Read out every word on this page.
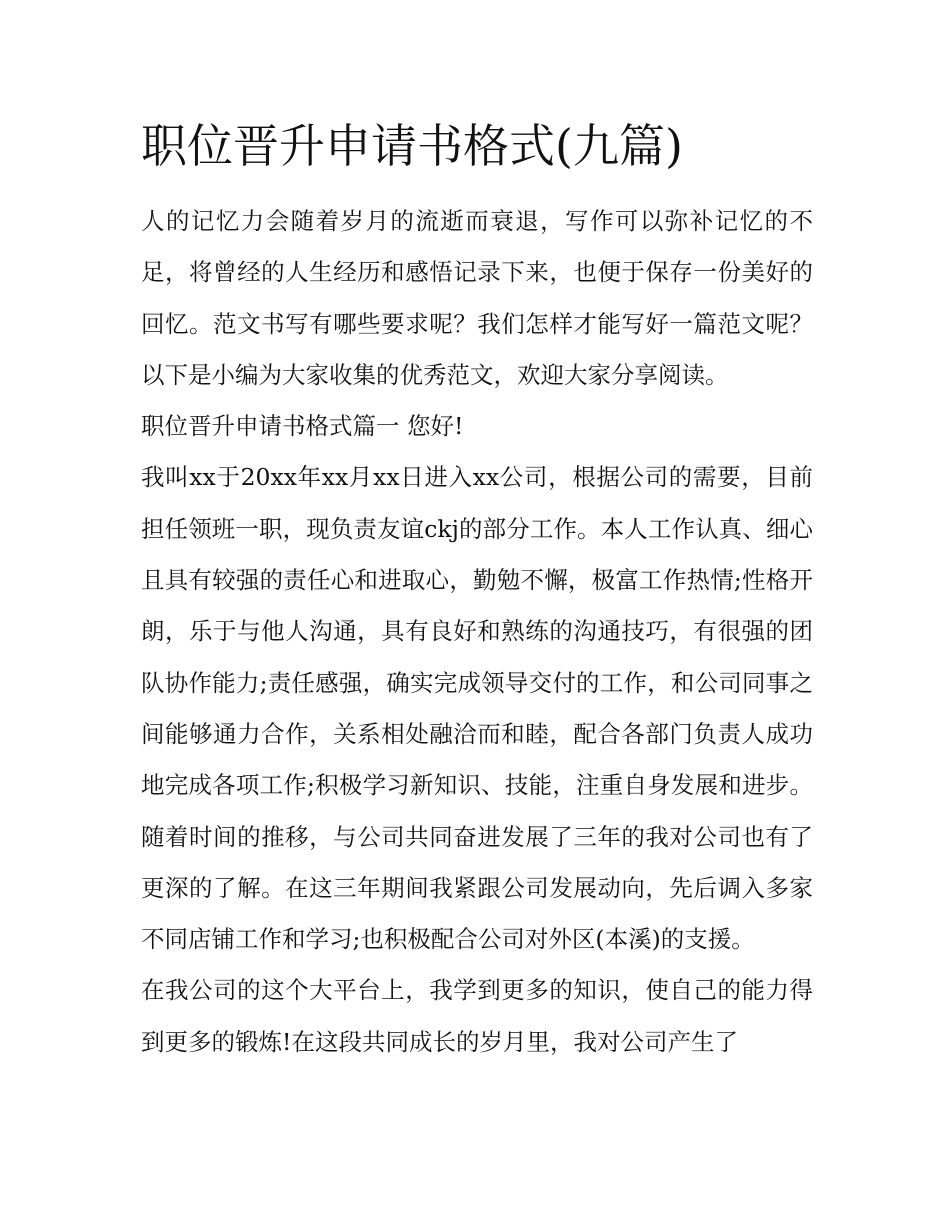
职位晋升申请书格式(九篇)

人的记忆力会随着岁月的流逝而衰退，写作可以弥补记忆的不足，将曾经的人生经历和感悟记录下来，也便于保存一份美好的回忆。范文书写有哪些要求呢？我们怎样才能写好一篇范文呢？以下是小编为大家收集的优秀范文，欢迎大家分享阅读。

职位晋升申请书格式篇一 您好!

我叫xx于20xx年xx月xx日进入xx公司，根据公司的需要，目前担任领班一职，现负责友谊ckj的部分工作。本人工作认真、细心且具有较强的责任心和进取心，勤勉不懈，极富工作热情;性格开朗，乐于与他人沟通，具有良好和熟练的沟通技巧，有很强的团队协作能力;责任感强，确实完成领导交付的工作，和公司同事之间能够通力合作，关系相处融洽而和睦，配合各部门负责人成功地完成各项工作;积极学习新知识、技能，注重自身发展和进步。随着时间的推移，与公司共同奋进发展了三年的我对公司也有了更深的了解。在这三年期间我紧跟公司发展动向，先后调入多家不同店铺工作和学习;也积极配合公司对外区(本溪)的支援。

在我公司的这个大平台上，我学到更多的知识，使自己的能力得到更多的锻炼!在这段共同成长的岁月里，我对公司产生了
